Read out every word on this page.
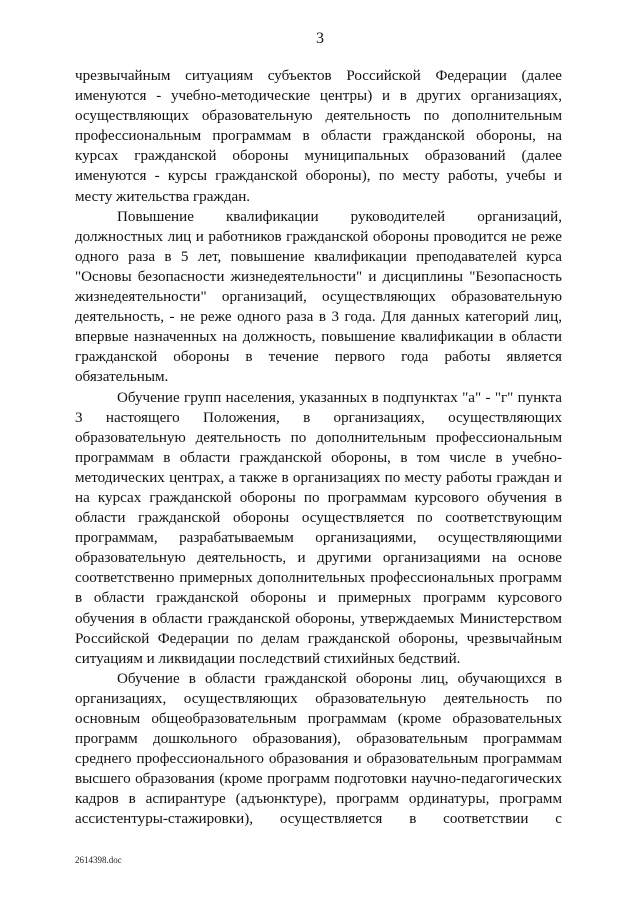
3

чрезвычайным ситуациям субъектов Российской Федерации (далее именуются - учебно-методические центры) и в других организациях, осуществляющих образовательную деятельность по дополнительным профессиональным программам в области гражданской обороны, на курсах гражданской обороны муниципальных образований (далее именуются - курсы гражданской обороны), по месту работы, учебы и месту жительства граждан.

Повышение квалификации руководителей организаций, должностных лиц и работников гражданской обороны проводится не реже одного раза в 5 лет, повышение квалификации преподавателей курса "Основы безопасности жизнедеятельности" и дисциплины "Безопасность жизнедеятельности" организаций, осуществляющих образовательную деятельность, - не реже одного раза в 3 года. Для данных категорий лиц, впервые назначенных на должность, повышение квалификации в области гражданской обороны в течение первого года работы является обязательным.

Обучение групп населения, указанных в подпунктах "а" - "г" пункта 3 настоящего Положения, в организациях, осуществляющих образовательную деятельность по дополнительным профессиональным программам в области гражданской обороны, в том числе в учебно-методических центрах, а также в организациях по месту работы граждан и на курсах гражданской обороны по программам курсового обучения в области гражданской обороны осуществляется по соответствующим программам, разрабатываемым организациями, осуществляющими образовательную деятельность, и другими организациями на основе соответственно примерных дополнительных профессиональных программ в области гражданской обороны и примерных программ курсового обучения в области гражданской обороны, утверждаемых Министерством Российской Федерации по делам гражданской обороны, чрезвычайным ситуациям и ликвидации последствий стихийных бедствий.

Обучение в области гражданской обороны лиц, обучающихся в организациях, осуществляющих образовательную деятельность по основным общеобразовательным программам (кроме образовательных программ дошкольного образования), образовательным программам среднего профессионального образования и образовательным программам высшего образования (кроме программ подготовки научно-педагогических кадров в аспирантуре (адъюнктуре), программ ординатуры, программ ассистентуры-стажировки), осуществляется в соответствии с

2614398.doc
